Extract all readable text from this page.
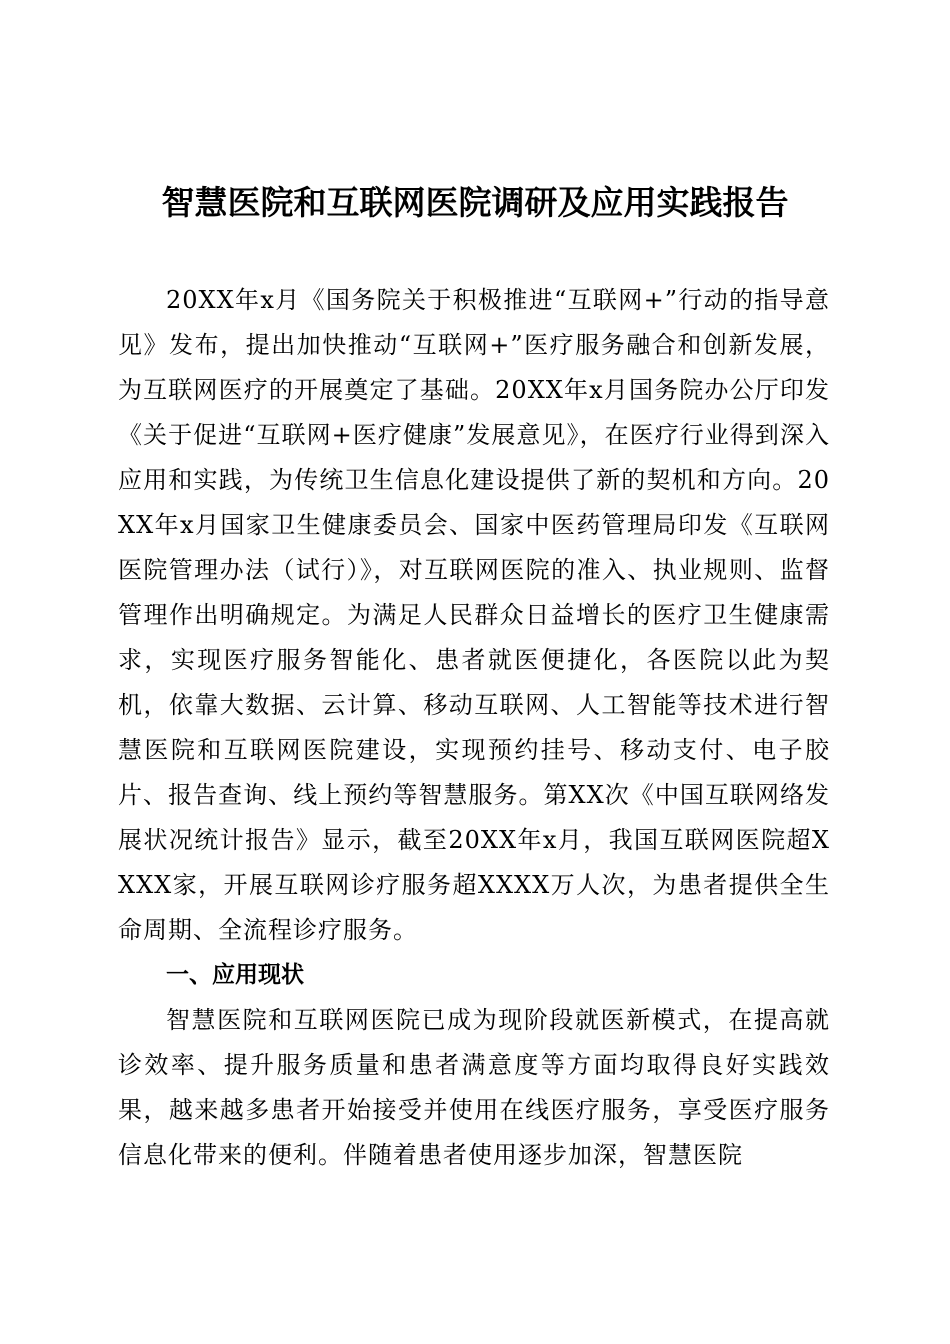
智慧医院和互联网医院调研及应用实践报告

20XX年x月《国务院关于积极推进“互联网+”行动的指导意见》发布，提出加快推动“互联网+”医疗服务融合和创新发展，为互联网医疗的开展奠定了基础。20XX年x月国务院办公厅印发《关于促进“互联网+医疗健康”发展意见》，在医疗行业得到深入应用和实践，为传统卫生信息化建设提供了新的契机和方向。20XX年x月国家卫生健康委员会、国家中医药管理局印发《互联网医院管理办法（试行）》，对互联网医院的准入、执业规则、监督管理作出明确规定。为满足人民群众日益增长的医疗卫生健康需求，实现医疗服务智能化、患者就医便捷化，各医院以此为契机，依靠大数据、云计算、移动互联网、人工智能等技术进行智慧医院和互联网医院建设，实现预约挂号、移动支付、电子胶片、报告查询、线上预约等智慧服务。第XX次《中国互联网络发展状况统计报告》显示，截至20XX年x月，我国互联网医院超XXXX家，开展互联网诊疗服务超XXXX万人次，为患者提供全生命周期、全流程诊疗服务。

一、应用现状

智慧医院和互联网医院已成为现阶段就医新模式，在提高就诊效率、提升服务质量和患者满意度等方面均取得良好实践效果，越来越多患者开始接受并使用在线医疗服务，享受医疗服务信息化带来的便利。伴随着患者使用逐步加深，智慧医院
